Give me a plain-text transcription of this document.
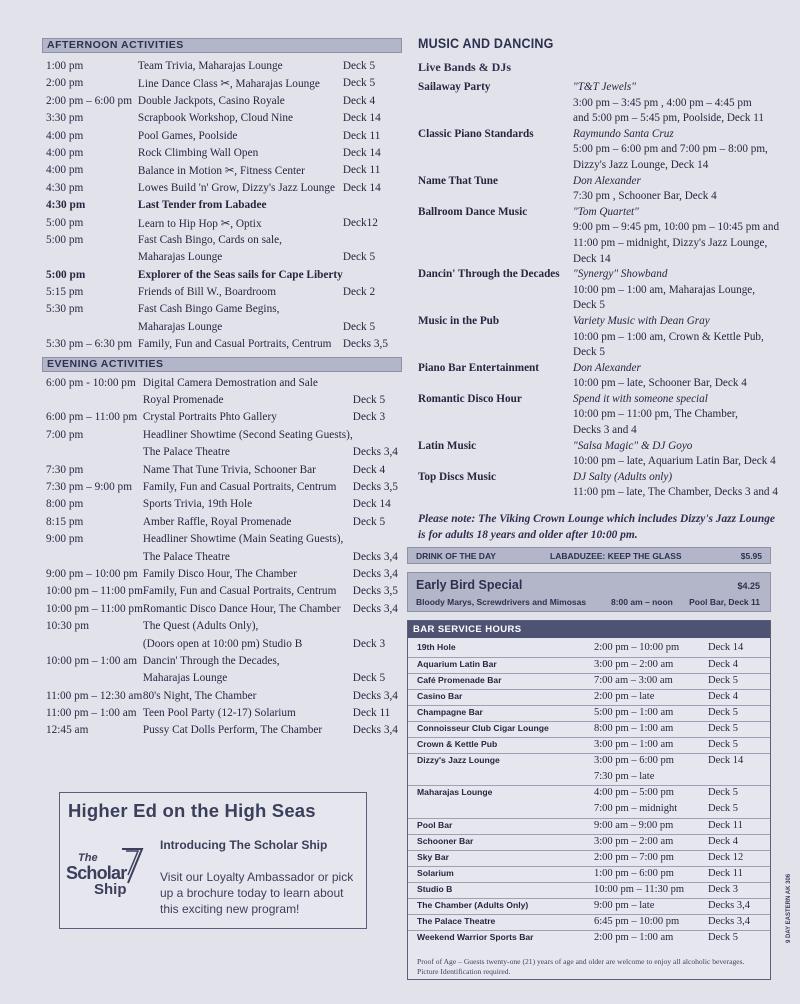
AFTERNOON ACTIVITIES
1:00 pm	Team Trivia, Maharajas Lounge	Deck 5
2:00 pm	Line Dance Class ✂, Maharajas Lounge	Deck 5
2:00 pm – 6:00 pm	Double Jackpots, Casino Royale	Deck 4
3:30 pm	Scrapbook Workshop, Cloud Nine	Deck 14
4:00 pm	Pool Games, Poolside	Deck 11
4:00 pm	Rock Climbing Wall Open	Deck 14
4:00 pm	Balance in Motion ✂, Fitness Center	Deck 11
4:30 pm	Lowes Build 'n' Grow, Dizzy's Jazz Lounge	Deck 14
4:30 pm	Last Tender from Labadee	
5:00 pm	Learn to Hip Hop ✂, Optix	Deck12
5:00 pm	Fast Cash Bingo, Cards on sale,	
	Maharajas Lounge	Deck 5
5:00 pm	Explorer of the Seas sails for Cape Liberty	
5:15 pm	Friends of Bill W., Boardroom	Deck 2
5:30 pm	Fast Cash Bingo Game Begins,	
	Maharajas Lounge	Deck 5
5:30 pm – 6:30 pm	Family, Fun and Casual Portraits, Centrum	Decks 3,5
EVENING ACTIVITIES
6:00 pm - 10:00 pm	Digital Camera Demostration and Sale	
	Royal Promenade	Deck 5
6:00 pm – 11:00 pm	Crystal Portraits Phto Gallery	Deck 3
7:00 pm	Headliner Showtime (Second Seating Guests),	
	The Palace Theatre	Decks 3,4
7:30 pm	Name That Tune Trivia, Schooner Bar	Deck 4
7:30 pm – 9:00 pm	Family, Fun and Casual Portraits, Centrum	Decks 3,5
8:00 pm	Sports Trivia, 19th Hole	Deck 14
8:15 pm	Amber Raffle, Royal Promenade	Deck 5
9:00 pm	Headliner Showtime (Main Seating Guests),	
	The Palace Theatre	Decks 3,4
9:00 pm – 10:00 pm	Family Disco Hour, The Chamber	Decks 3,4
10:00 pm – 11:00 pm	Family, Fun and Casual Portraits, Centrum	Decks 3,5
10:00 pm – 11:00 pm	Romantic Disco Dance Hour, The Chamber	Decks 3,4
10:30 pm	The Quest (Adults Only),	
	(Doors open at 10:00 pm) Studio B	Deck 3
10:00 pm – 1:00 am	Dancin' Through the Decades,	
	Maharajas Lounge	Deck 5
11:00 pm – 12:30 am	80's Night, The Chamber	Decks 3,4
11:00 pm – 1:00 am	Teen Pool Party (12-17) Solarium	Deck 11
12:45 am	Pussy Cat Dolls Perform, The Chamber	Decks 3,4
Higher Ed on the High Seas
The
Scholar
Ship
Introducing The Scholar Ship
Visit our Loyalty Ambassador or pick up a brochure today to learn about this exciting new program!
MUSIC AND DANCING
Live Bands & DJs
Sailaway Party	"T&T Jewels"
3:00 pm – 3:45 pm , 4:00 pm – 4:45 pm
and 5:00 pm – 5:45 pm, Poolside, Deck 11
Classic Piano Standards	Raymundo Santa Cruz
5:00 pm – 6:00 pm and 7:00 pm – 8:00 pm,
Dizzy's Jazz Lounge, Deck 14
Name That Tune	Don Alexander
7:30 pm , Schooner Bar, Deck 4
Ballroom Dance Music	"Tom Quartet"
9:00 pm – 9:45 pm, 10:00 pm – 10:45 pm and
11:00 pm – midnight, Dizzy's Jazz Lounge,
Deck 14
Dancin' Through the Decades	"Synergy" Showband
10:00 pm – 1:00 am, Maharajas Lounge,
Deck 5
Music in the Pub	Variety Music with Dean Gray
10:00 pm – 1:00 am, Crown & Kettle Pub,
Deck 5
Piano Bar Entertainment	Don Alexander
10:00 pm – late, Schooner Bar, Deck 4
Romantic Disco Hour	Spend it with someone special
10:00 pm – 11:00 pm, The Chamber,
Decks 3 and 4
Latin Music	"Salsa Magic" & DJ Goyo
10:00 pm – late, Aquarium Latin Bar, Deck 4
Top Discs Music	DJ Salty (Adults only)
11:00 pm – late, The Chamber, Decks 3 and 4
Please note: The Viking Crown Lounge which includes Dizzy's Jazz Lounge is for adults 18 years and older after 10:00 pm.
DRINK OF THE DAY	LABADUZEE: KEEP THE GLASS	$5.95
Early Bird Special	$4.25
Bloody Marys, Screwdrivers and Mimosas	8:00 am – noon Pool Bar, Deck 11
BAR SERVICE HOURS
19th Hole	2:00 pm – 10:00 pm	Deck 14
Aquarium Latin Bar	3:00 pm – 2:00 am	Deck 4
Café Promenade Bar	7:00 am – 3:00 am	Deck 5
Casino Bar	2:00 pm – late	Deck 4
Champagne Bar	5:00 pm – 1:00 am	Deck 5
Connoisseur Club Cigar Lounge	8:00 pm – 1:00 am	Deck 5
Crown & Kettle Pub	3:00 pm – 1:00 am	Deck 5
Dizzy's Jazz Lounge	3:00 pm – 6:00 pm	Deck 14
	7:30 pm – late	
Maharajas Lounge	4:00 pm – 5:00 pm	Deck 5
	7:00 pm – midnight	Deck 5
Pool Bar	9:00 am – 9:00 pm	Deck 11
Schooner Bar	3:00 pm – 2:00 am	Deck 4
Sky Bar	2:00 pm – 7:00 pm	Deck 12
Solarium	1:00 pm – 6:00 pm	Deck 11
Studio B	10:00 pm – 11:30 pm	Deck 3
The Chamber (Adults Only)	9:00 pm – late	Decks 3,4
The Palace Theatre	6:45 pm – 10:00 pm	Decks 3,4
Weekend Warrior Sports Bar	2:00 pm – 1:00 am	Deck 5
Proof of Age – Guests twenty-one (21) years of age and older are welcome to enjoy all alcoholic beverages. Picture Identification required.
9 DAY EASTERN AK 306
